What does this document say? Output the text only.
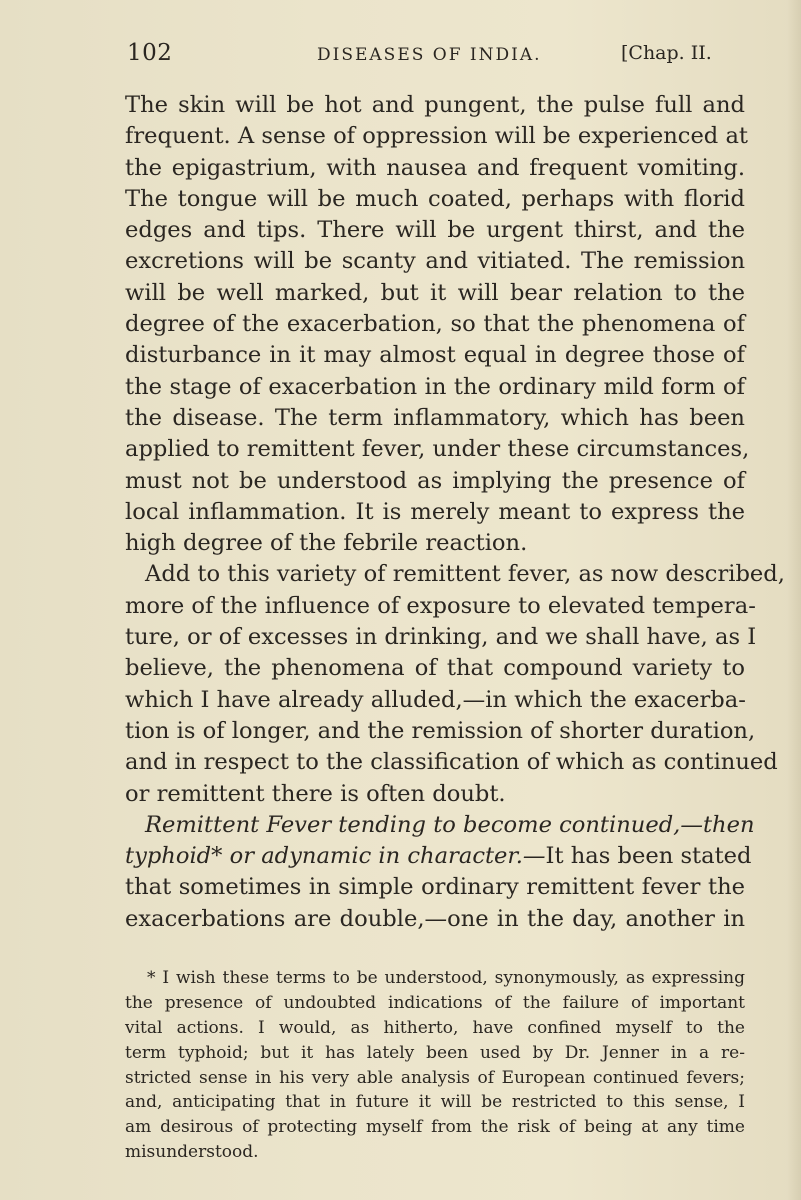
102	DISEASES OF INDIA.	[Chap. II.
The skin will be hot and pungent, the pulse full and
frequent. A sense of oppression will be experienced at
the epigastrium, with nausea and frequent vomiting.
The tongue will be much coated, perhaps with florid
edges and tips. There will be urgent thirst, and the
excretions will be scanty and vitiated. The remission
will be well marked, but it will bear relation to the
degree of the exacerbation, so that the phenomena of
disturbance in it may almost equal in degree those of
the stage of exacerbation in the ordinary mild form of
the disease. The term inflammatory, which has been
applied to remittent fever, under these circumstances,
must not be understood as implying the presence of
local inflammation. It is merely meant to express the
high degree of the febrile reaction.
Add to this variety of remittent fever, as now described,
more of the influence of exposure to elevated tempera-
ture, or of excesses in drinking, and we shall have, as I
believe, the phenomena of that compound variety to
which I have already alluded,—in which the exacerba-
tion is of longer, and the remission of shorter duration,
and in respect to the classification of which as continued
or remittent there is often doubt.
Remittent Fever tending to become continued,—then
typhoid* or adynamic in character.—It has been stated
that sometimes in simple ordinary remittent fever the
exacerbations are double,—one in the day, another in
* I wish these terms to be understood, synonymously, as expressing
the presence of undoubted indications of the failure of important
vital actions. I would, as hitherto, have confined myself to the
term typhoid; but it has lately been used by Dr. Jenner in a re-
stricted sense in his very able analysis of European continued fevers;
and, anticipating that in future it will be restricted to this sense, I
am desirous of protecting myself from the risk of being at any time
misunderstood.
